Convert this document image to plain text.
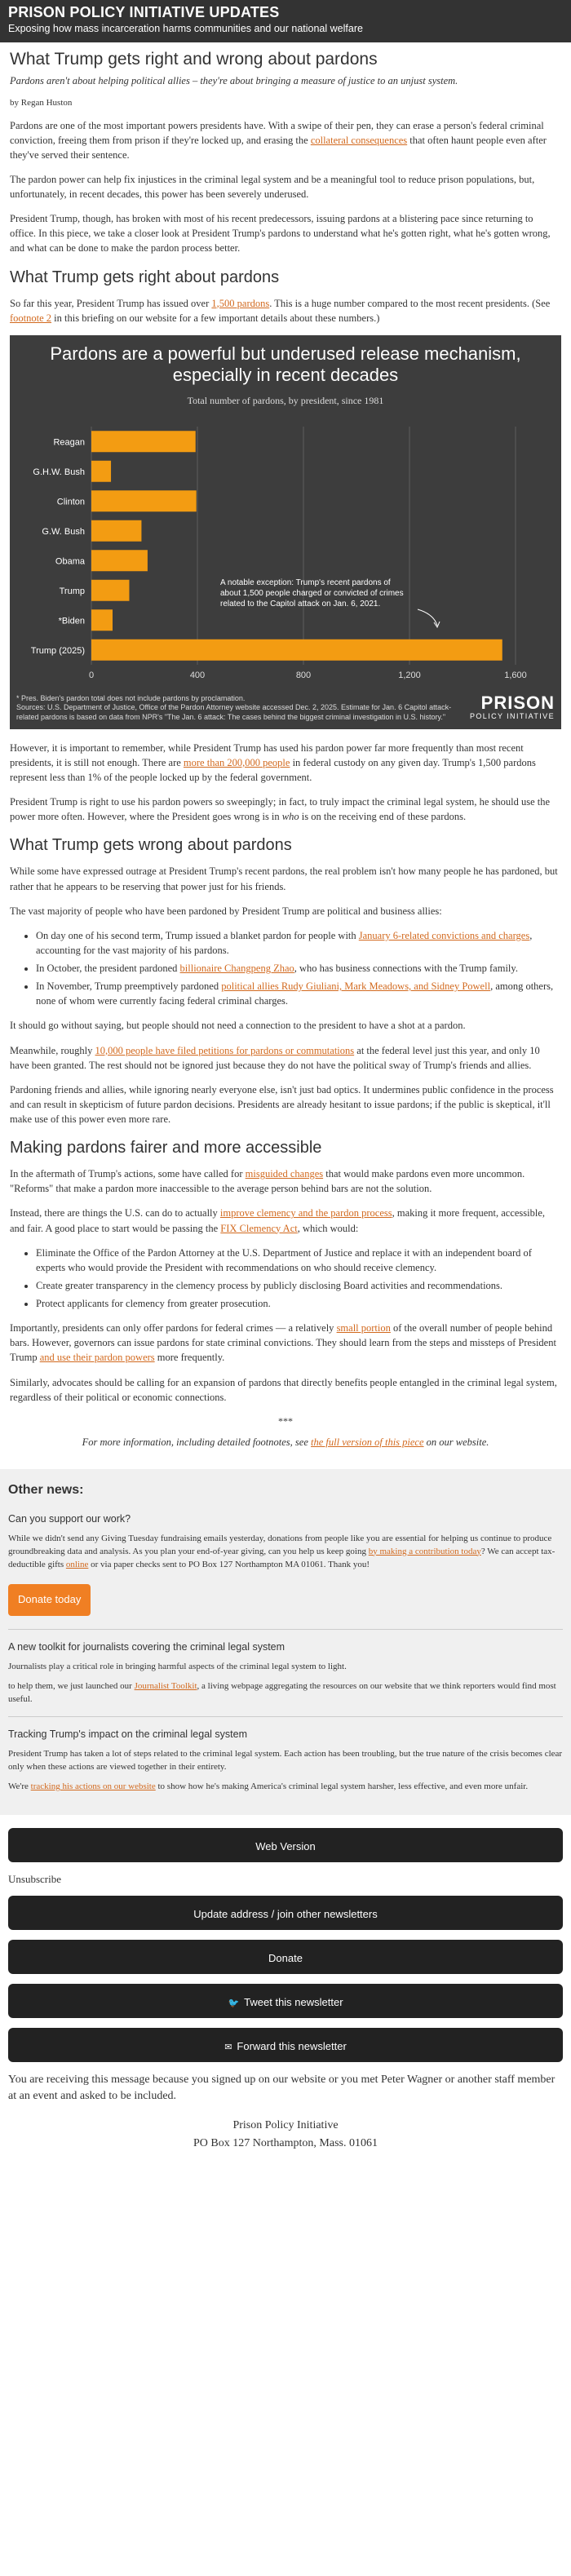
PRISON POLICY INITIATIVE UPDATES
Exposing how mass incarceration harms communities and our national welfare
What Trump gets right and wrong about pardons
Pardons aren't about helping political allies – they're about bringing a measure of justice to an unjust system.
by Regan Huston

Pardons are one of the most important powers presidents have. With a swipe of their pen, they can erase a person's federal criminal conviction, freeing them from prison if they're locked up, and erasing the collateral consequences that often haunt people even after they've served their sentence.

The pardon power can help fix injustices in the criminal legal system and be a meaningful tool to reduce prison populations, but, unfortunately, in recent decades, this power has been severely underused.

President Trump, though, has broken with most of his recent predecessors, issuing pardons at a blistering pace since returning to office. In this piece, we take a closer look at President Trump's pardons to understand what he's gotten right, what he's gotten wrong, and what can be done to make the pardon process better.

What Trump gets right about pardons

So far this year, President Trump has issued over 1,500 pardons. This is a huge number compared to the most recent presidents. (See footnote 2 in this briefing on our website for a few important details about these numbers.)

Pardons are a powerful but underused release mechanism,
especially in recent decades
Total number of pardons, by president, since 1981
Reagan
G.H.W. Bush
Clinton
G.W. Bush
Obama
Trump
*Biden
Trump (2025)
0	400	800	1,200	1,600
A notable exception: Trump's recent pardons of
about 1,500 people charged or convicted of crimes
related to the Capitol attack on Jan. 6, 2021.
* Pres. Biden's pardon total does not include pardons by proclamation.
Sources: U.S. Department of Justice, Office of the Pardon Attorney website accessed Dec. 2, 2025. Estimate for Jan. 6 Capitol attack-related pardons is based on data from NPR's "The Jan. 6 attack: The cases behind the biggest criminal investigation in U.S. history."
PRISON
POLICY INITIATIVE

However, it is important to remember, while President Trump has used his pardon power far more frequently than most recent presidents, it is still not enough. There are more than 200,000 people in federal custody on any given day. Trump's 1,500 pardons represent less than 1% of the people locked up by the federal government.

President Trump is right to use his pardon powers so sweepingly; in fact, to truly impact the criminal legal system, he should use the power more often. However, where the President goes wrong is in who is on the receiving end of these pardons.

What Trump gets wrong about pardons

While some have expressed outrage at President Trump's recent pardons, the real problem isn't how many people he has pardoned, but rather that he appears to be reserving that power just for his friends.

The vast majority of people who have been pardoned by President Trump are political and business allies:

• On day one of his second term, Trump issued a blanket pardon for people with January 6-related convictions and charges, accounting for the vast majority of his pardons.
• In October, the president pardoned billionaire Changpeng Zhao, who has business connections with the Trump family.
• In November, Trump preemptively pardoned political allies Rudy Giuliani, Mark Meadows, and Sidney Powell, among others, none of whom were currently facing federal criminal charges.

It should go without saying, but people should not need a connection to the president to have a shot at a pardon.

Meanwhile, roughly 10,000 people have filed petitions for pardons or commutations at the federal level just this year, and only 10 have been granted. The rest should not be ignored just because they do not have the political sway of Trump's friends and allies.

Pardoning friends and allies, while ignoring nearly everyone else, isn't just bad optics. It undermines public confidence in the process and can result in skepticism of future pardon decisions. Presidents are already hesitant to issue pardons; if the public is skeptical, it'll make use of this power even more rare.

Making pardons fairer and more accessible

In the aftermath of Trump's actions, some have called for misguided changes that would make pardons even more uncommon. "Reforms" that make a pardon more inaccessible to the average person behind bars are not the solution.

Instead, there are things the U.S. can do to actually improve clemency and the pardon process, making it more frequent, accessible, and fair. A good place to start would be passing the FIX Clemency Act, which would:

• Eliminate the Office of the Pardon Attorney at the U.S. Department of Justice and replace it with an independent board of experts who would provide the President with recommendations on who should receive clemency.
• Create greater transparency in the clemency process by publicly disclosing Board activities and recommendations.
• Protect applicants for clemency from greater prosecution.

Importantly, presidents can only offer pardons for federal crimes — a relatively small portion of the overall number of people behind bars. However, governors can issue pardons for state criminal convictions. They should learn from the steps and missteps of President Trump and use their pardon powers more frequently.

Similarly, advocates should be calling for an expansion of pardons that directly benefits people entangled in the criminal legal system, regardless of their political or economic connections.

***
For more information, including detailed footnotes, see the full version of this piece on our website.
Other news:
Can you support our work?

While we didn't send any Giving Tuesday fundraising emails yesterday, donations from people like you are essential for helping us continue to produce groundbreaking data and analysis. As you plan your end-of-year giving, can you help us keep going by making a contribution today? We can accept tax-deductible gifts online or via paper checks sent to PO Box 127 Northampton MA 01061. Thank you!

Donate today
A new toolkit for journalists covering the criminal legal system

Journalists play a critical role in bringing harmful aspects of the criminal legal system to light.

to help them, we just launched our Journalist Toolkit, a living webpage aggregating the resources on our website that we think reporters would find most useful.

Tracking Trump's impact on the criminal legal system

President Trump has taken a lot of steps related to the criminal legal system. Each action has been troubling, but the true nature of the crisis becomes clear only when these actions are viewed together in their entirety.

We're tracking his actions on our website to show how he's making America's criminal legal system harsher, less effective, and even more unfair.

Web Version
Unsubscribe
Update address / join other newsletters
Donate
🐦 Tweet this newsletter
✉ Forward this newsletter

You are receiving this message because you signed up on our website or you met Peter Wagner or another staff member at an event and asked to be included.

Prison Policy Initiative
PO Box 127 Northampton, Mass. 01061
